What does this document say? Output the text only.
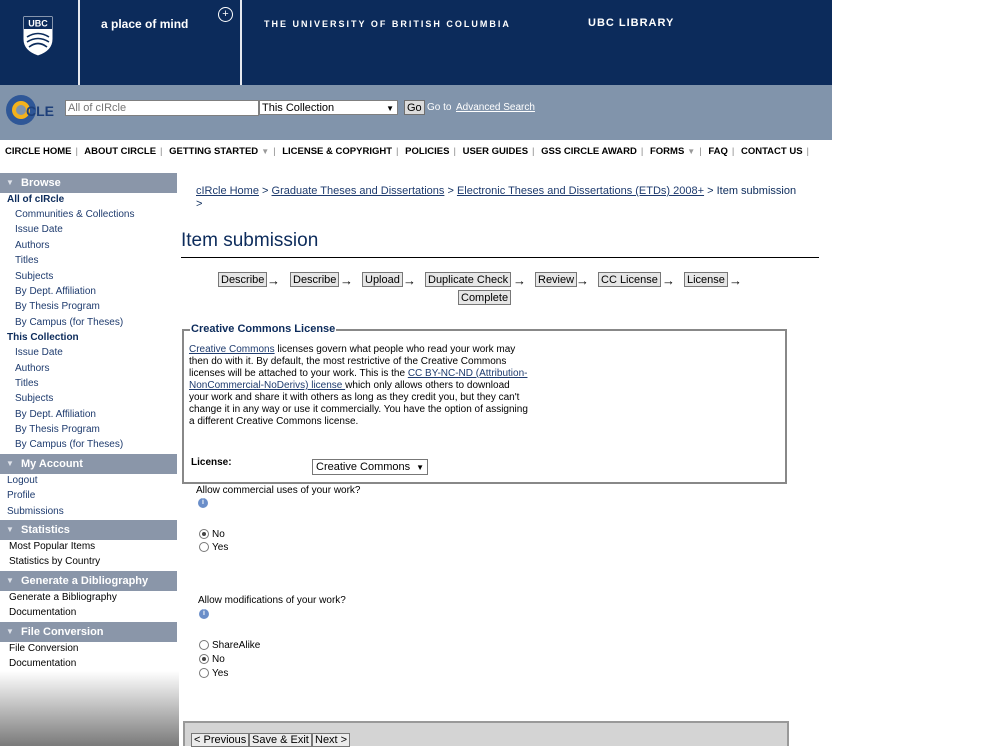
UBC	a place of mind
+
THE UNIVERSITY OF BRITISH COLUMBIA	UBC LIBRARY
CLE
All of cIRcle	This Collection	▼ Go Go to Advanced Search
CIRCLE HOME | ABOUT CIRCLE | GETTING STARTED ▼ | LICENSE & COPYRIGHT | POLICIES | USER GUIDES | GSS CIRCLE AWARD | FORMS ▼ | FAQ | CONTACT US |
▼ Browse
All of cIRcle
Communities & Collections
Issue Date
Authors
Titles
Subjects
By Dept. Affiliation
By Thesis Program
By Campus (for Theses)
This Collection
Issue Date
Authors
Titles
Subjects
By Dept. Affiliation
By Thesis Program
By Campus (for Theses)
▼ My Account
Logout
Profile
Submissions
▼ Statistics
Most Popular Items
Statistics by Country
▼ Generate a Dibliography
Generate a Bibliography
Documentation
▼ File Conversion
File Conversion
Documentation
cIRcle Home > Graduate Theses and Dissertations > Electronic Theses and Dissertations (ETDs) 2008+ > Item submission
>
Item submission
Describe → Describe → Upload → Duplicate Check → Review → CC License → License →
Complete
Creative Commons License
Creative Commons licenses govern what people who read your work may then do with it. By default, the most restrictive of the Creative Commons licenses will be attached to your work. This is the CC BY-NC-ND (Attribution-NonCommercial-NoDerivs) license which only allows others to download your work and share it with others as long as they credit you, but they can't change it in any way or use it commercially. You have the option of assigning a different Creative Commons license.
License:	Creative Commons ▼
Allow commercial uses of your work?
i
No
Yes
Allow modifications of your work?
i
ShareAlike
No
Yes
< Previous Save & Exit Next >
